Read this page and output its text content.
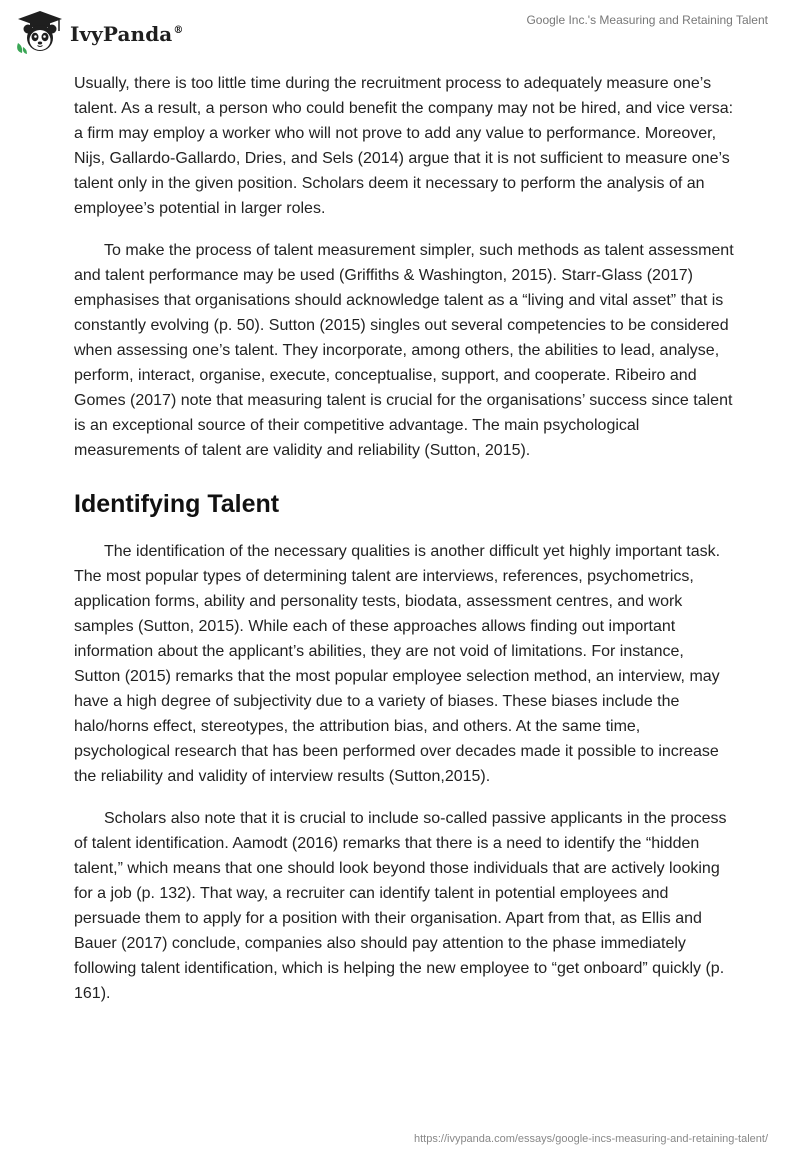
IvyPanda®
Google Inc.'s Measuring and Retaining Talent

Usually, there is too little time during the recruitment process to adequately measure one’s talent. As a result, a person who could benefit the company may not be hired, and vice versa: a firm may employ a worker who will not prove to add any value to performance. Moreover, Nijs, Gallardo-Gallardo, Dries, and Sels (2014) argue that it is not sufficient to measure one’s talent only in the given position. Scholars deem it necessary to perform the analysis of an employee’s potential in larger roles.

To make the process of talent measurement simpler, such methods as talent assessment and talent performance may be used (Griffiths & Washington, 2015). Starr-Glass (2017) emphasises that organisations should acknowledge talent as a “living and vital asset” that is constantly evolving (p. 50). Sutton (2015) singles out several competencies to be considered when assessing one’s talent. They incorporate, among others, the abilities to lead, analyse, perform, interact, organise, execute, conceptualise, support, and cooperate. Ribeiro and Gomes (2017) note that measuring talent is crucial for the organisations’ success since talent is an exceptional source of their competitive advantage. The main psychological measurements of talent are validity and reliability (Sutton, 2015).

Identifying Talent

The identification of the necessary qualities is another difficult yet highly important task. The most popular types of determining talent are interviews, references, psychometrics, application forms, ability and personality tests, biodata, assessment centres, and work samples (Sutton, 2015). While each of these approaches allows finding out important information about the applicant’s abilities, they are not void of limitations. For instance, Sutton (2015) remarks that the most popular employee selection method, an interview, may have a high degree of subjectivity due to a variety of biases. These biases include the halo/horns effect, stereotypes, the attribution bias, and others. At the same time, psychological research that has been performed over decades made it possible to increase the reliability and validity of interview results (Sutton,2015).

Scholars also note that it is crucial to include so-called passive applicants in the process of talent identification. Aamodt (2016) remarks that there is a need to identify the “hidden talent,” which means that one should look beyond those individuals that are actively looking for a job (p. 132). That way, a recruiter can identify talent in potential employees and persuade them to apply for a position with their organisation. Apart from that, as Ellis and Bauer (2017) conclude, companies also should pay attention to the phase immediately following talent identification, which is helping the new employee to “get onboard” quickly (p. 161).

https://ivypanda.com/essays/google-incs-measuring-and-retaining-talent/
